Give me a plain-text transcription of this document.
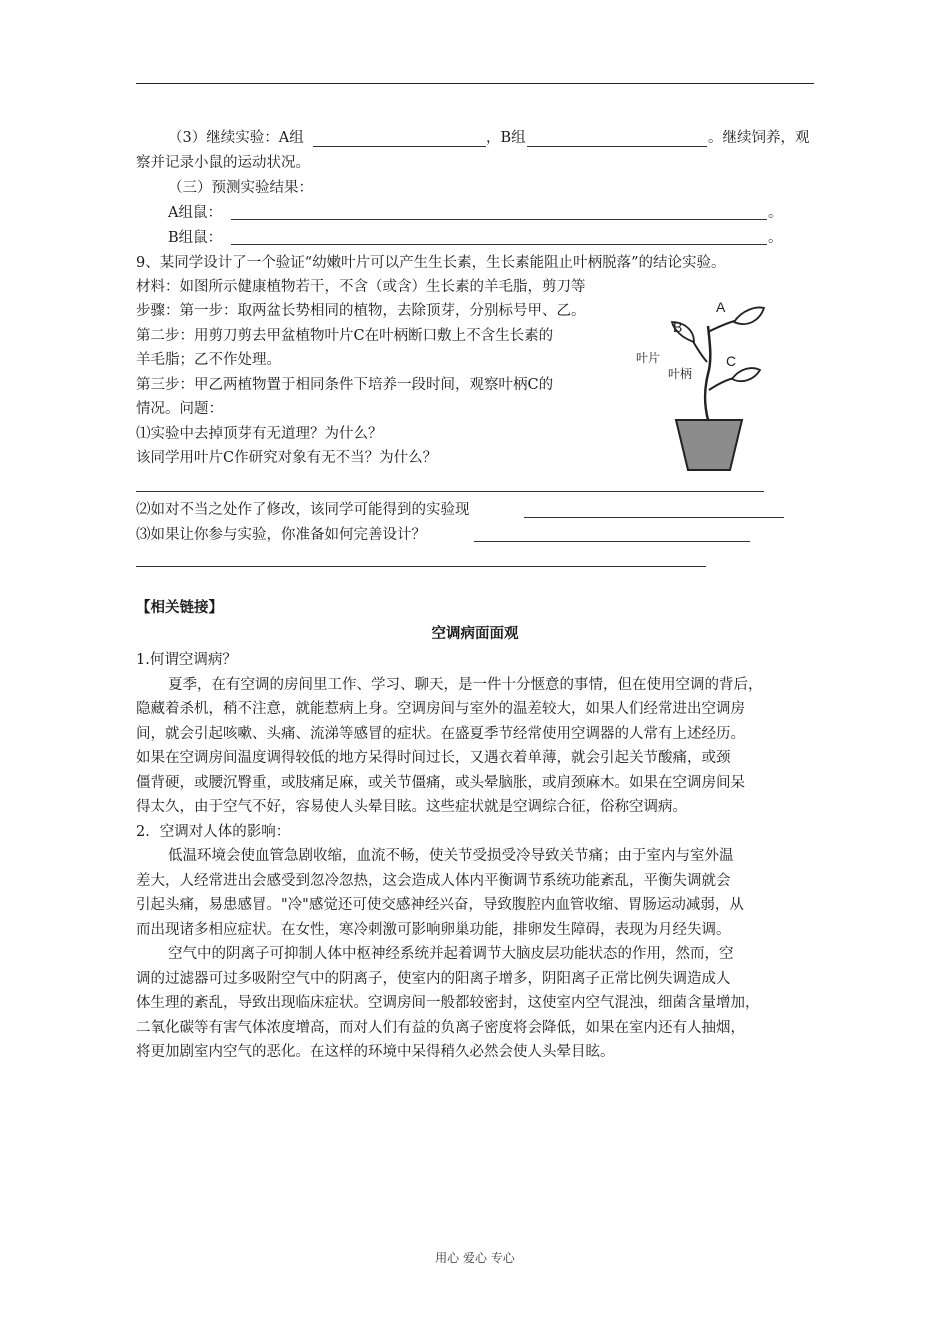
（3）继续实验：A组	，B组	。继续饲养，观
察并记录小鼠的运动状况。
（三）预测实验结果：
A组鼠：	。
B组鼠：	。
9、某同学设计了一个验证“幼嫩叶片可以产生生长素，生长素能阻止叶柄脱落”的结论实验。
材料：如图所示健康植物若干，不含（或含）生长素的羊毛脂，剪刀等
步骤：第一步：取两盆长势相同的植物，去除顶芽，分别标号甲、乙。
第二步：用剪刀剪去甲盆植物叶片C在叶柄断口敷上不含生长素的
羊毛脂；乙不作处理。
第三步：甲乙两植物置于相同条件下培养一段时间，观察叶柄C的
情况。问题：
⑴实验中去掉顶芽有无道理？为什么？
该同学用叶片C作研究对象有无不当？为什么？
⑵如对不当之处作了修改，该同学可能得到的实验现
⑶如果让你参与实验，你准备如何完善设计？
A
B
C
叶片
叶柄
【相关链接】
空调病面面观
1.何谓空调病？
夏季，在有空调的房间里工作、学习、聊天，是一件十分惬意的事情，但在使用空调的背后，
隐藏着杀机，稍不注意，就能惹病上身。空调房间与室外的温差较大，如果人们经常进出空调房
间，就会引起咳嗽、头痛、流涕等感冒的症状。在盛夏季节经常使用空调器的人常有上述经历。
如果在空调房间温度调得较低的地方呆得时间过长，又遇衣着单薄，就会引起关节酸痛，或颈
僵背硬，或腰沉臀重，或肢痛足麻，或关节僵痛，或头晕脑胀，或肩颈麻木。如果在空调房间呆
得太久，由于空气不好，容易使人头晕目眩。这些症状就是空调综合征，俗称空调病。
2．空调对人体的影响：
低温环境会使血管急剧收缩，血流不畅，使关节受损受冷导致关节痛；由于室内与室外温
差大，人经常进出会感受到忽冷忽热，这会造成人体内平衡调节系统功能紊乱，平衡失调就会
引起头痛，易患感冒。"冷"感觉还可使交感神经兴奋，导致腹腔内血管收缩、胃肠运动减弱，从
而出现诸多相应症状。在女性，寒冷刺激可影响卵巢功能，排卵发生障碍，表现为月经失调。
空气中的阴离子可抑制人体中枢神经系统并起着调节大脑皮层功能状态的作用，然而，空
调的过滤器可过多吸附空气中的阴离子，使室内的阳离子增多，阴阳离子正常比例失调造成人
体生理的紊乱，导致出现临床症状。空调房间一般都较密封，这使室内空气混浊，细菌含量增加，
二氧化碳等有害气体浓度增高，而对人们有益的负离子密度将会降低，如果在室内还有人抽烟，
将更加剧室内空气的恶化。在这样的环境中呆得稍久必然会使人头晕目眩。
用心 爱心 专心
